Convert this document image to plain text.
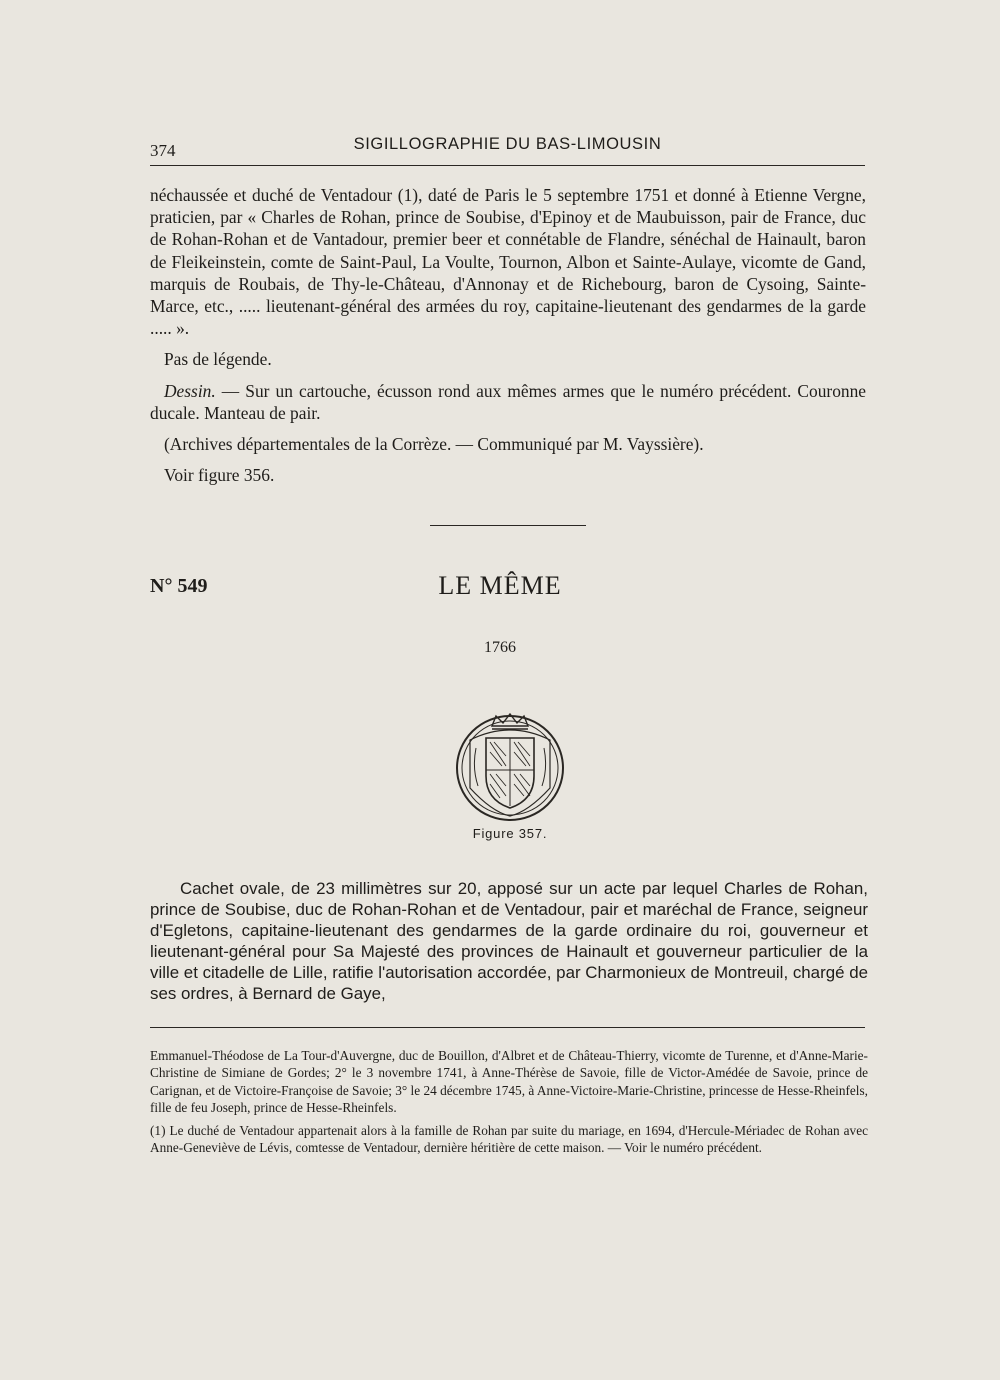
374	SIGILLOGRAPHIE DU BAS-LIMOUSIN

néchaussée et duché de Ventadour (1), daté de Paris le 5 septembre 1751 et donné à Etienne Vergne, praticien, par « Charles de Rohan, prince de Soubise, d'Epinoy et de Maubuisson, pair de France, duc de Rohan-Rohan et de Vantadour, premier beer et connétable de Flandre, sénéchal de Hainault, baron de Fleikeinstein, comte de Saint-Paul, La Voulte, Tournon, Albon et Sainte-Aulaye, vicomte de Gand, marquis de Roubais, de Thy-le-Château, d'Annonay et de Richebourg, baron de Cysoing, Sainte-Marce, etc., ..... lieutenant-général des armées du roy, capitaine-lieutenant des gendarmes de la garde ..... ».

Pas de légende.

Dessin. — Sur un cartouche, écusson rond aux mêmes armes que le numéro précédent. Couronne ducale. Manteau de pair.

(Archives départementales de la Corrèze. — Communiqué par M. Vayssière).

Voir figure 356.

N° 549	LE MÊME
1766
Figure 357.

Cachet ovale, de 23 millimètres sur 20, apposé sur un acte par lequel Charles de Rohan, prince de Soubise, duc de Rohan-Rohan et de Ventadour, pair et maréchal de France, seigneur d'Egletons, capitaine-lieutenant des gendarmes de la garde ordinaire du roi, gouverneur et lieutenant-général pour Sa Majesté des provinces de Hainault et gouverneur particulier de la ville et citadelle de Lille, ratifie l'autorisation accordée, par Charmonieux de Montreuil, chargé de ses ordres, à Bernard de Gaye,

Emmanuel-Théodose de La Tour-d'Auvergne, duc de Bouillon, d'Albret et de Château-Thierry, vicomte de Turenne, et d'Anne-Marie-Christine de Simiane de Gordes; 2° le 3 novembre 1741, à Anne-Thérèse de Savoie, fille de Victor-Amédée de Savoie, prince de Carignan, et de Victoire-Françoise de Savoie; 3° le 24 décembre 1745, à Anne-Victoire-Marie-Christine, princesse de Hesse-Rheinfels, fille de feu Joseph, prince de Hesse-Rheinfels.

(1) Le duché de Ventadour appartenait alors à la famille de Rohan par suite du mariage, en 1694, d'Hercule-Mériadec de Rohan avec Anne-Geneviève de Lévis, comtesse de Ventadour, dernière héritière de cette maison. — Voir le numéro précédent.
